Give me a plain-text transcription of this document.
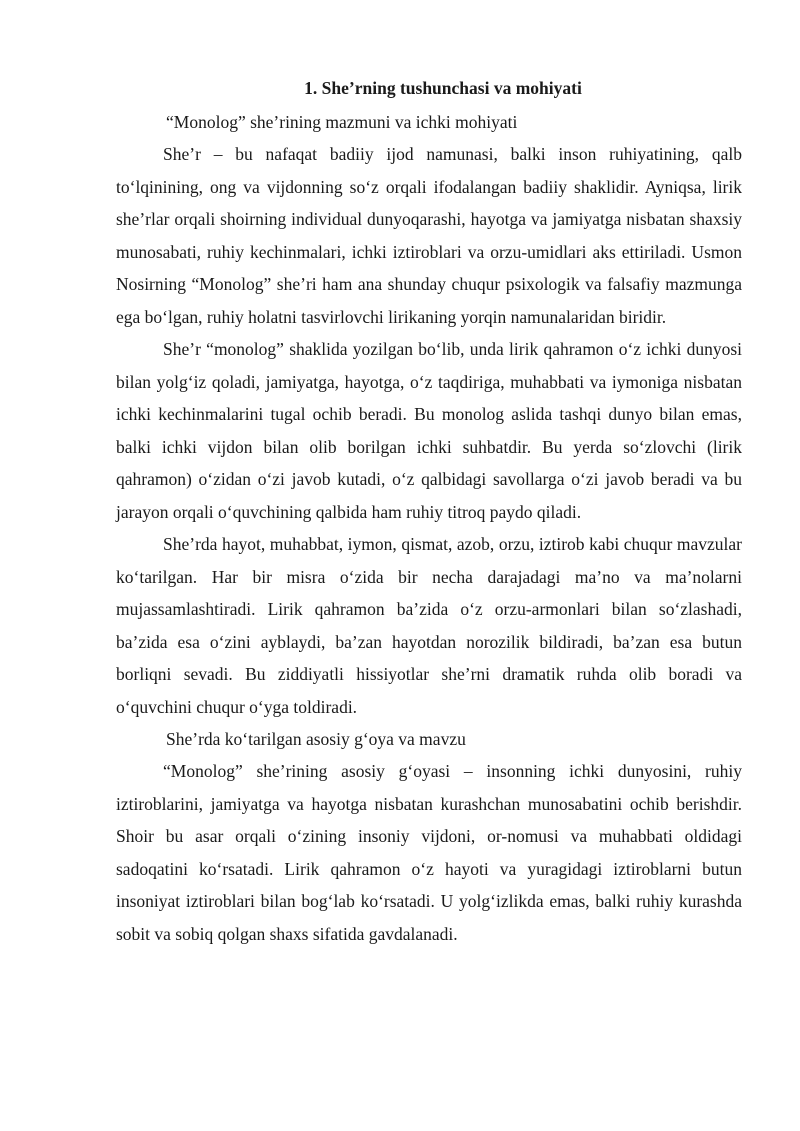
1. She’rning tushunchasi va mohiyati

“Monolog” she’rining mazmuni va ichki mohiyati

She’r – bu nafaqat badiiy ijod namunasi, balki inson ruhiyatining, qalb to‘lqinining, ong va vijdonning so‘z orqali ifodalangan badiiy shaklidir. Ayniqsa, lirik she’rlar orqali shoirning individual dunyoqarashi, hayotga va jamiyatga nisbatan shaxsiy munosabati, ruhiy kechinmalari, ichki iztiroblari va orzu-umidlari aks ettiriladi. Usmon Nosirning “Monolog” she’ri ham ana shunday chuqur psixologik va falsafiy mazmunga ega bo‘lgan, ruhiy holatni tasvirlovchi lirikaning yorqin namunalaridan biridir.

She’r “monolog” shaklida yozilgan bo‘lib, unda lirik qahramon o‘z ichki dunyosi bilan yolg‘iz qoladi, jamiyatga, hayotga, o‘z taqdiriga, muhabbati va iymoniga nisbatan ichki kechinmalarini tugal ochib beradi. Bu monolog aslida tashqi dunyo bilan emas, balki ichki vijdon bilan olib borilgan ichki suhbatdir. Bu yerda so‘zlovchi (lirik qahramon) o‘zidan o‘zi javob kutadi, o‘z qalbidagi savollarga o‘zi javob beradi va bu jarayon orqali o‘quvchining qalbida ham ruhiy titroq paydo qiladi.

She’rda hayot, muhabbat, iymon, qismat, azob, orzu, iztirob kabi chuqur mavzular ko‘tarilgan. Har bir misra o‘zida bir necha darajadagi ma’no va ma’nolarni mujassamlashtiradi. Lirik qahramon ba’zida o‘z orzu-armonlari bilan so‘zlashadi, ba’zida esa o‘zini ayblaydi, ba’zan hayotdan norozilik bildiradi, ba’zan esa butun borliqni sevadi. Bu ziddiyatli hissiyotlar she’rni dramatik ruhda olib boradi va o‘quvchini chuqur o‘yga toldiradi.

She’rda ko‘tarilgan asosiy g‘oya va mavzu

“Monolog” she’rining asosiy g‘oyasi – insonning ichki dunyosini, ruhiy iztiroblarini, jamiyatga va hayotga nisbatan kurashchan munosabatini ochib berishdir. Shoir bu asar orqali o‘zining insoniy vijdoni, or-nomusi va muhabbati oldidagi sadoqatini ko‘rsatadi. Lirik qahramon o‘z hayoti va yuragidagi iztiroblarni butun insoniyat iztiroblari bilan bog‘lab ko‘rsatadi. U yolg‘izlikda emas, balki ruhiy kurashda sobit va sobiq qolgan shaxs sifatida gavdalanadi.
